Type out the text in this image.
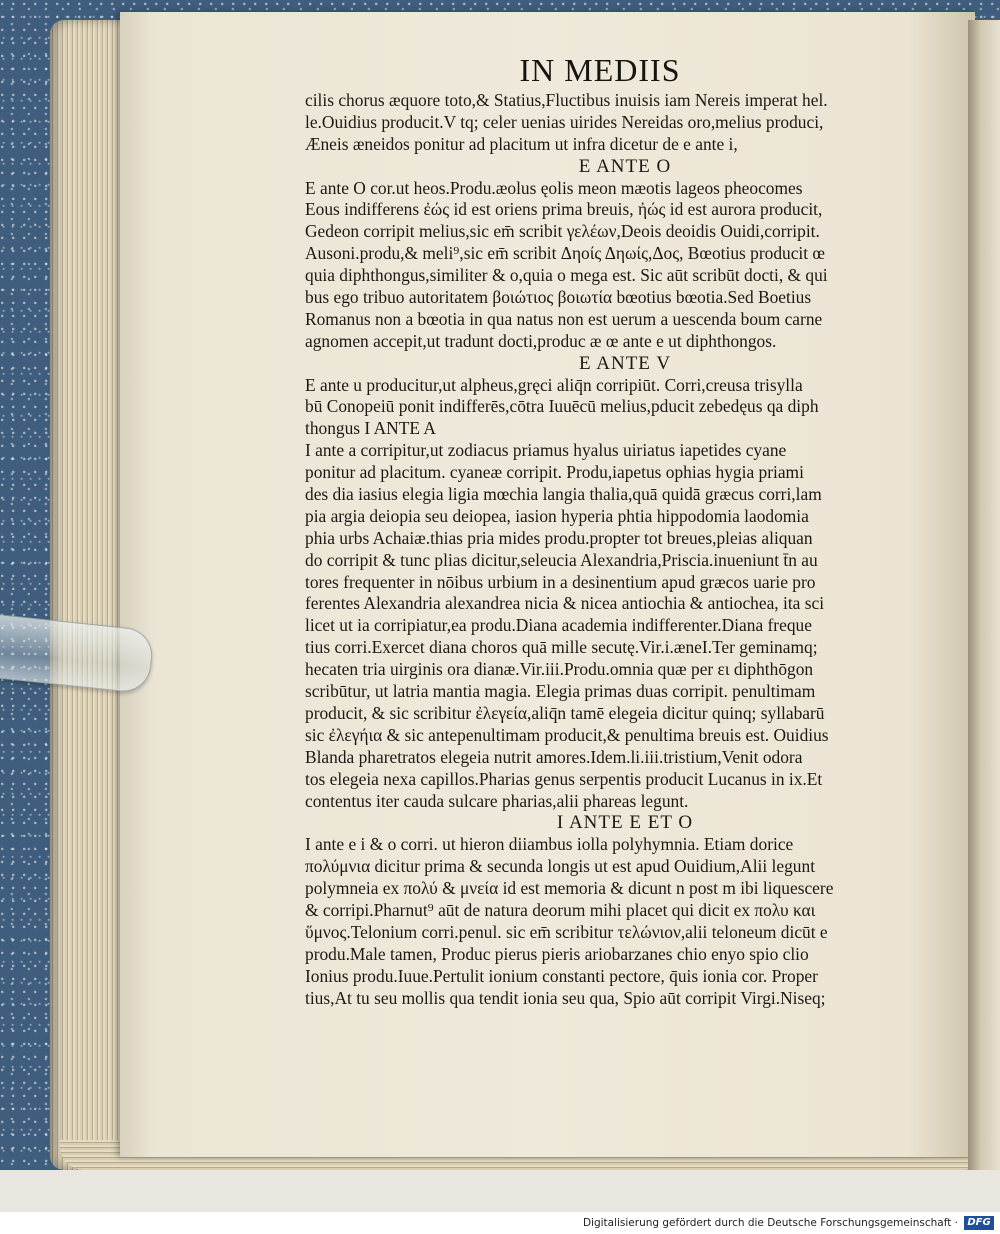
IN MEDIIS
cilis chorus æquore toto,& Statius,Fluctibus inuisis iam Nereis imperat hel.
le.Ouidius producit.V tq; celer uenias uirides Nereidas oro,melius produci,
Æneis æneidos ponitur ad placitum ut infra dicetur de e ante i,
E ANTE O
E ante O cor.ut heos.Produ.æolus ęolis meon mæotis lageos pheocomes
Eous indifferens ἐώς id est oriens prima breuis, ἠώς id est aurora producit,
Gedeon corripit melius,sic em̄ scribit γελέων,Deois deoidis Ouidi,corripit.
Ausoni.produ,& meli⁹,sic em̄ scribit Δηοίς Δηωίς,Δος, Bœotius producit œ
quia diphthongus,similiter & o,quia o mega est. Sic aūt scribūt docti, & qui
bus ego tribuo autoritatem βοιώτιος βοιωτία bœotius bœotia.Sed Boetius
Romanus non a bœotia in qua natus non est uerum a uescenda boum carne
agnomen accepit,ut tradunt docti,produc æ œ ante e ut diphthongos.
E ANTE V
E ante u producitur,ut alpheus,gręci aliq̄n corripiūt. Corri,creusa trisylla
bū Conopeiū ponit indifferēs,cōtra Iuuēcū melius,pducit zebedęus qa diph
thongus I ANTE A
I ante a corripitur,ut zodiacus priamus hyalus uiriatus iapetides cyane
ponitur ad placitum. cyaneæ corripit. Produ,iapetus ophias hygia priami
des dia iasius elegia ligia mœchia langia thalia,quā quidā græcus corri,lam
pia argia deiopia seu deiopea, iasion hyperia phtia hippodomia laodomia
phia urbs Achaiæ.thias pria mides produ.propter tot breues,pleias aliquan
do corripit & tunc plias dicitur,seleucia Alexandria,Priscia.inueniunt t̄n au
tores frequenter in nōibus urbium in a desinentium apud græcos uarie pro
ferentes Alexandria alexandrea nicia & nicea antiochia & antiochea, ita sci
licet ut ia corripiatur,ea produ.Diana academia indifferenter.Diana freque
tius corri.Exercet diana choros quā mille secutę.Vir.i.æneI.Ter geminamq;
hecaten tria uirginis ora dianæ.Vir.iii.Produ.omnia quæ per ει diphthōgon
scribūtur, ut latria mantia magia. Elegia primas duas corripit. penultimam
producit, & sic scribitur ἐλεγεία,aliq̄n tamē elegeia dicitur quinq; syllabarū
sic ἐλεγήια & sic antepenultimam producit,& penultima breuis est. Ouidius
Blanda pharetratos elegeia nutrit amores.Idem.li.iii.tristium,Venit odora
tos elegeia nexa capillos.Pharias genus serpentis producit Lucanus in ix.Et
contentus iter cauda sulcare pharias,alii phareas legunt.
I ANTE E ET O
I ante e i & o corri. ut hieron diiambus iolla polyhymnia. Etiam dorice
πολύμνια dicitur prima & secunda longis ut est apud Ouidium,Alii legunt
polymneia ex πολύ & μνεία id est memoria & dicunt n post m ibi liquescere
& corripi.Pharnut⁹ aūt de natura deorum mihi placet qui dicit ex πολυ και
ὕμνος.Telonium corri.penul. sic em̄ scribitur τελώνιον,alii teloneum dicūt e
produ.Male tamen, Produc pierus pieris ariobarzanes chio enyo spio clio
Ionius produ.Iuue.Pertulit ionium constanti pectore, q̄uis ionia cor. Proper
tius,At tu seu mollis qua tendit ionia seu qua, Spio aūt corripit Virgi.Niseq;
Digitalisierung gefördert durch die Deutsche Forschungsgemeinschaft · DFG
